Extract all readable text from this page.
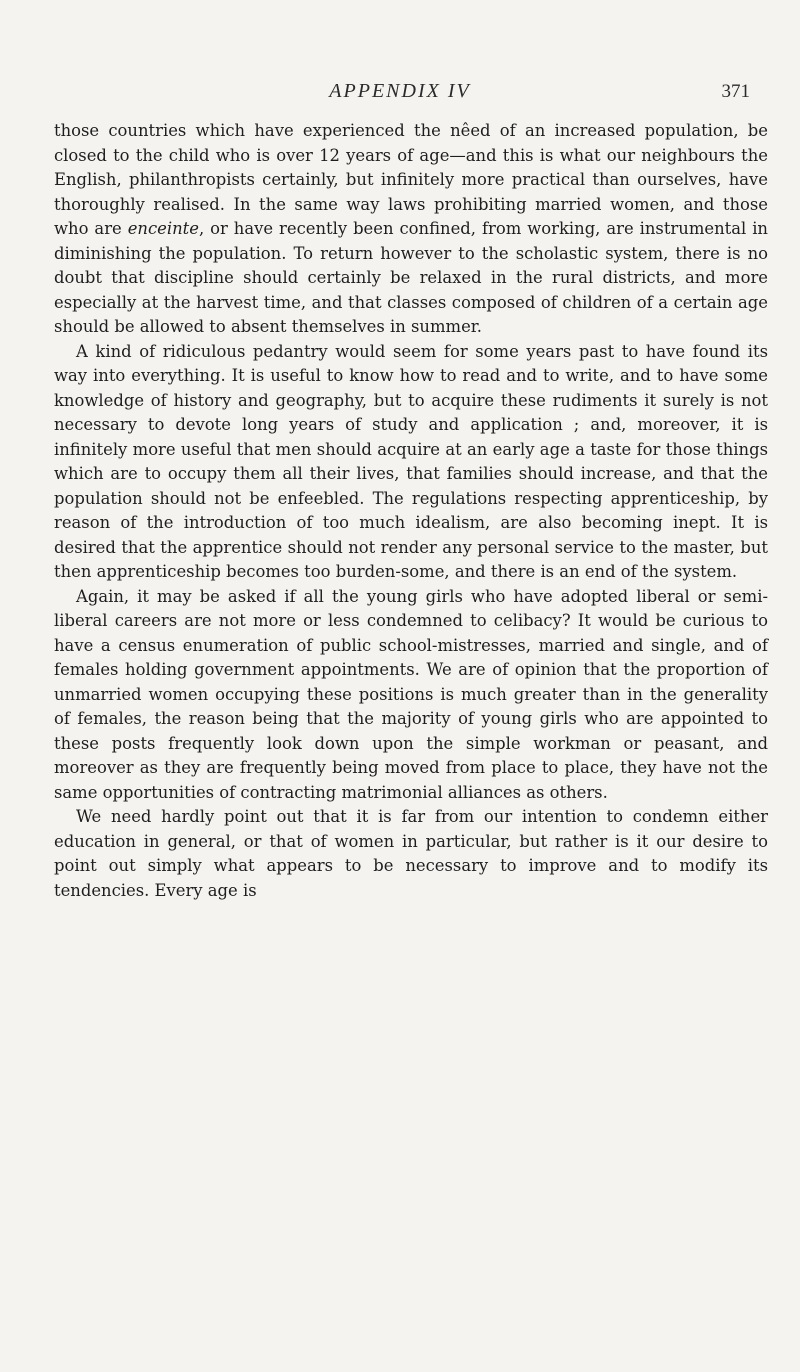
APPENDIX IV	371

those countries which have experienced the nêed of an increased population, be closed to the child who is over 12 years of age—and this is what our neighbours the English, philanthropists certainly, but infinitely more practical than ourselves, have thoroughly realised. In the same way laws prohibiting married women, and those who are enceinte, or have recently been confined, from working, are instrumental in diminishing the population. To return however to the scholastic system, there is no doubt that discipline should certainly be relaxed in the rural districts, and more especially at the harvest time, and that classes composed of children of a certain age should be allowed to absent themselves in summer.

A kind of ridiculous pedantry would seem for some years past to have found its way into everything. It is useful to know how to read and to write, and to have some knowledge of history and geography, but to acquire these rudiments it surely is not necessary to devote long years of study and application ; and, moreover, it is infinitely more useful that men should acquire at an early age a taste for those things which are to occupy them all their lives, that families should increase, and that the population should not be enfeebled. The regulations respecting apprenticeship, by reason of the introduction of too much idealism, are also becoming inept. It is desired that the apprentice should not render any personal service to the master, but then apprenticeship becomes too burden-some, and there is an end of the system.

Again, it may be asked if all the young girls who have adopted liberal or semi-liberal careers are not more or less condemned to celibacy? It would be curious to have a census enumeration of public school-mistresses, married and single, and of females holding government appointments. We are of opinion that the proportion of unmarried women occupying these positions is much greater than in the generality of females, the reason being that the majority of young girls who are appointed to these posts frequently look down upon the simple workman or peasant, and moreover as they are frequently being moved from place to place, they have not the same opportunities of contracting matrimonial alliances as others.

We need hardly point out that it is far from our intention to condemn either education in general, or that of women in particular, but rather is it our desire to point out simply what appears to be necessary to improve and to modify its tendencies. Every age is
